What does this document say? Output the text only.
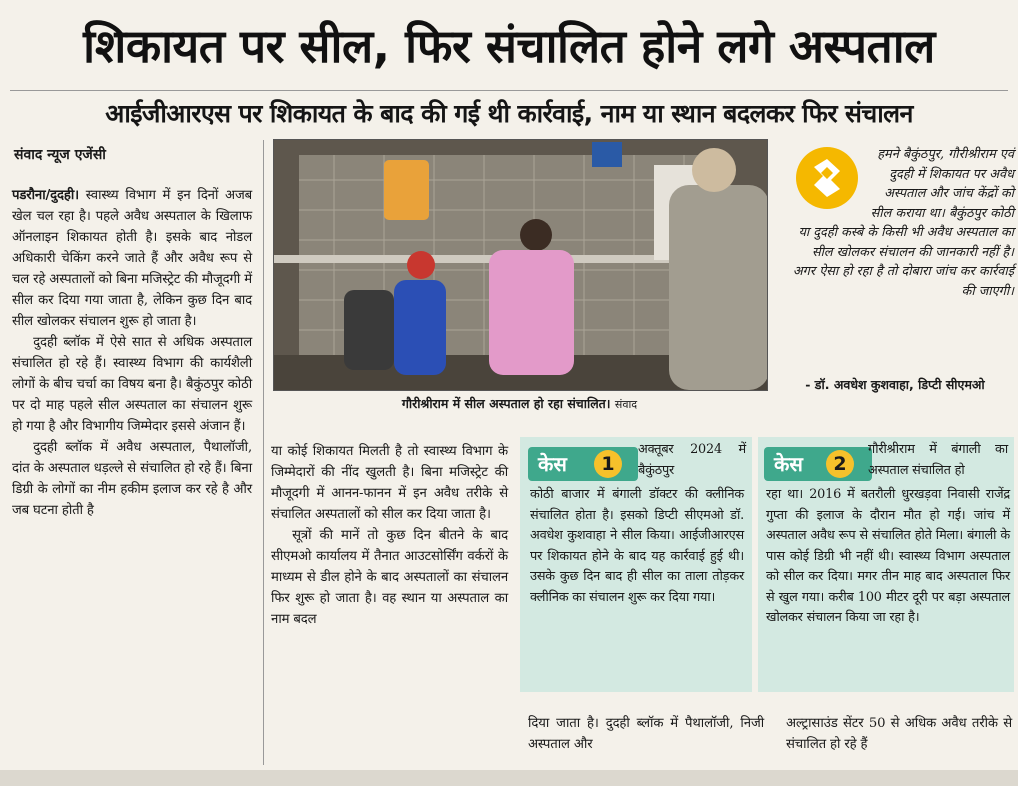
शिकायत पर सील, फिर संचालित होने लगे अस्पताल
आईजीआरएस पर शिकायत के बाद की गई थी कार्रवाई, नाम या स्थान बदलकर फिर संचालन
संवाद न्यूज एजेंसी

पडरौना/दुदही। स्वास्थ्य विभाग में इन दिनों अजब खेल चल रहा है। पहले अवैध अस्पताल के खिलाफ ऑनलाइन शिकायत होती है। इसके बाद नोडल अधिकारी चेकिंग करने जाते हैं और अवैध रूप से चल रहे अस्पतालों को बिना मजिस्ट्रेट की मौजूदगी में सील कर दिया गया जाता है, लेकिन कुछ दिन बाद सील खोलकर संचालन शुरू हो जाता है।

दुदही ब्लॉक में ऐसे सात से अधिक अस्पताल संचालित हो रहे हैं। स्वास्थ्य विभाग की कार्यशैली लोगों के बीच चर्चा का विषय बना है। बैकुंठपुर कोठी पर दो माह पहले सील अस्पताल का संचालन शुरू हो गया है और विभागीय जिम्मेदार इससे अंजान हैं।

दुदही ब्लॉक में अवैध अस्पताल, पैथालॉजी, दांत के अस्पताल धड़ल्ले से संचालित हो रहे हैं। बिना डिग्री के लोगों का नीम हकीम इलाज कर रहे है और जब घटना होती है

गौरीश्रीराम में सील अस्पताल हो रहा संचालित। संवाद
हमने बैकुंठपुर, गौरीश्रीराम एवं दुदही में शिकायत पर अवैध अस्पताल और जांच केंद्रों को सील कराया था। बैकुंठपुर कोठी या दुदही कस्बे के किसी भी अवैध अस्पताल का सील खोलकर संचालन की जानकारी नहीं है। अगर ऐसा हो रहा है तो दोबारा जांच कर कार्रवाई की जाएगी।
- डॉ. अवधेश कुशवाहा, डिप्टी सीएमओ

या कोई शिकायत मिलती है तो स्वास्थ्य विभाग के जिम्मेदारों की नींद खुलती है। बिना मजिस्ट्रेट की मौजूदगी में आनन-फानन में इन अवैध तरीके से संचालित अस्पतालों को सील कर दिया जाता है।

सूत्रों की मानें तो कुछ दिन बीतने के बाद सीएमओ कार्यालय में तैनात आउटसोर्सिंग वर्करों के माध्यम से डील होने के बाद अस्पतालों का संचालन फिर शुरू हो जाता है। वह स्थान या अस्पताल का नाम बदल

केस	1
अक्तूबर 2024 में बैकुंठपुर
कोठी बाजार में बंगाली डॉक्टर की क्लीनिक संचालित होता है। इसको डिप्टी सीएमओ डॉ. अवधेश कुशवाहा ने सील किया। आईजीआरएस पर शिकायत होने के बाद यह कार्रवाई हुई थी। उसके कुछ दिन बाद ही सील का ताला तोड़कर क्लीनिक का संचालन शुरू कर दिया गया।
केस	2
गौरीश्रीराम में बंगाली का अस्पताल संचालित हो
रहा था। 2016 में बतरौली धुरखड़वा निवासी राजेंद्र गुप्ता की इलाज के दौरान मौत हो गई। जांच में अस्पताल अवैध रूप से संचालित होते मिला। बंगाली के पास कोई डिग्री भी नहीं थी। स्वास्थ्य विभाग अस्पताल को सील कर दिया। मगर तीन माह बाद अस्पताल फिर से खुल गया। करीब 100 मीटर दूरी पर बड़ा अस्पताल खोलकर संचालन किया जा रहा है।

दिया जाता है। दुदही ब्लॉक में पैथालॉजी, निजी अस्पताल और

अल्ट्रासाउंड सेंटर 50 से अधिक अवैध तरीके से संचालित हो रहे हैं
